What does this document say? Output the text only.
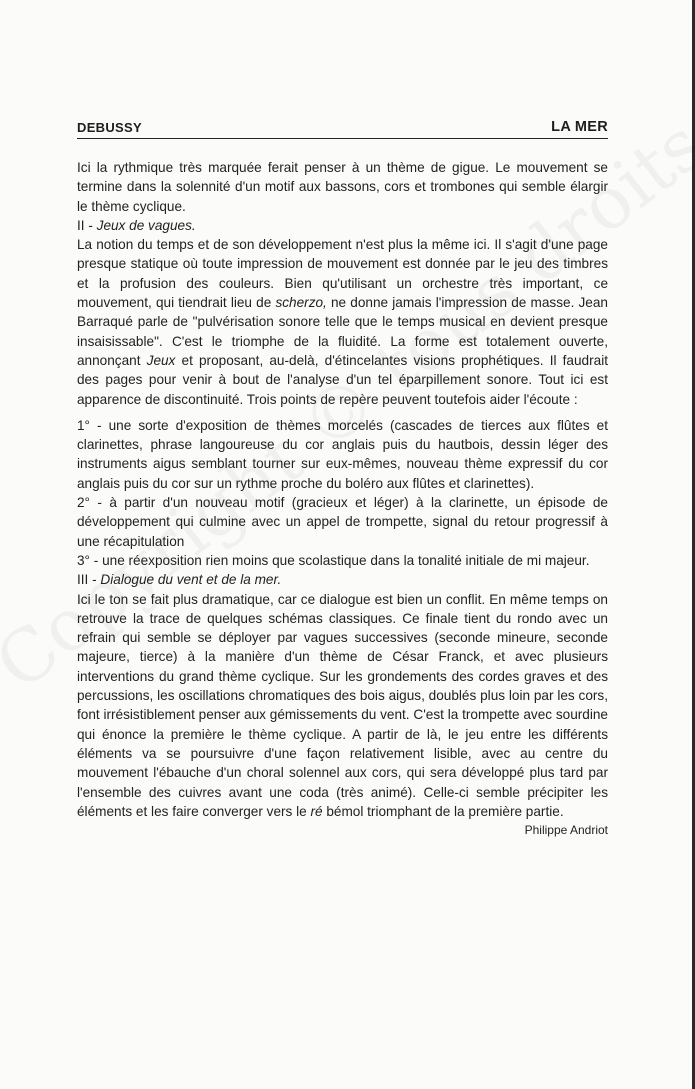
DEBUSSY	LA MER

Ici la rythmique très marquée ferait penser à un thème de gigue. Le mouvement se termine dans la solennité d'un motif aux bassons, cors et trombones qui semble élargir le thème cyclique.

II - Jeux de vagues.

La notion du temps et de son développement n'est plus la même ici. Il s'agit d'une page presque statique où toute impression de mouvement est donnée par le jeu des timbres et la profusion des couleurs. Bien qu'utilisant un orchestre très important, ce mouvement, qui tiendrait lieu de scherzo, ne donne jamais l'impression de masse. Jean Barraqué parle de "pulvérisation sonore telle que le temps musical en devient presque insaisissable". C'est le triomphe de la fluidité. La forme est totalement ouverte, annonçant Jeux et proposant, au-delà, d'étincelantes visions prophétiques. Il faudrait des pages pour venir à bout de l'analyse d'un tel éparpillement sonore. Tout ici est apparence de discontinuité. Trois points de repère peuvent toutefois aider l'écoute :

1° - une sorte d'exposition de thèmes morcelés (cascades de tierces aux flûtes et clarinettes, phrase langoureuse du cor anglais puis du hautbois, dessin léger des instruments aigus semblant tourner sur eux-mêmes, nouveau thème expressif du cor anglais puis du cor sur un rythme proche du boléro aux flûtes et clarinettes).

2° - à partir d'un nouveau motif (gracieux et léger) à la clarinette, un épisode de développement qui culmine avec un appel de trompette, signal du retour progressif à une récapitulation

3° - une réexposition rien moins que scolastique dans la tonalité initiale de mi majeur.

III - Dialogue du vent et de la mer.

Ici le ton se fait plus dramatique, car ce dialogue est bien un conflit. En même temps on retrouve la trace de quelques schémas classiques. Ce finale tient du rondo avec un refrain qui semble se déployer par vagues successives (seconde mineure, seconde majeure, tierce) à la manière d'un thème de César Franck, et avec plusieurs interventions du grand thème cyclique. Sur les grondements des cordes graves et des percussions, les oscillations chromatiques des bois aigus, doublés plus loin par les cors, font irrésistiblement penser aux gémissements du vent. C'est la trompette avec sourdine qui énonce la première le thème cyclique. A partir de là, le jeu entre les différents éléments va se poursuivre d'une façon relativement lisible, avec au centre du mouvement l'ébauche d'un choral solennel aux cors, qui sera développé plus tard par l'ensemble des cuivres avant une coda (très animé). Celle-ci semble précipiter les éléments et les faire converger vers le ré bémol triomphant de la première partie.

Philippe Andriot
